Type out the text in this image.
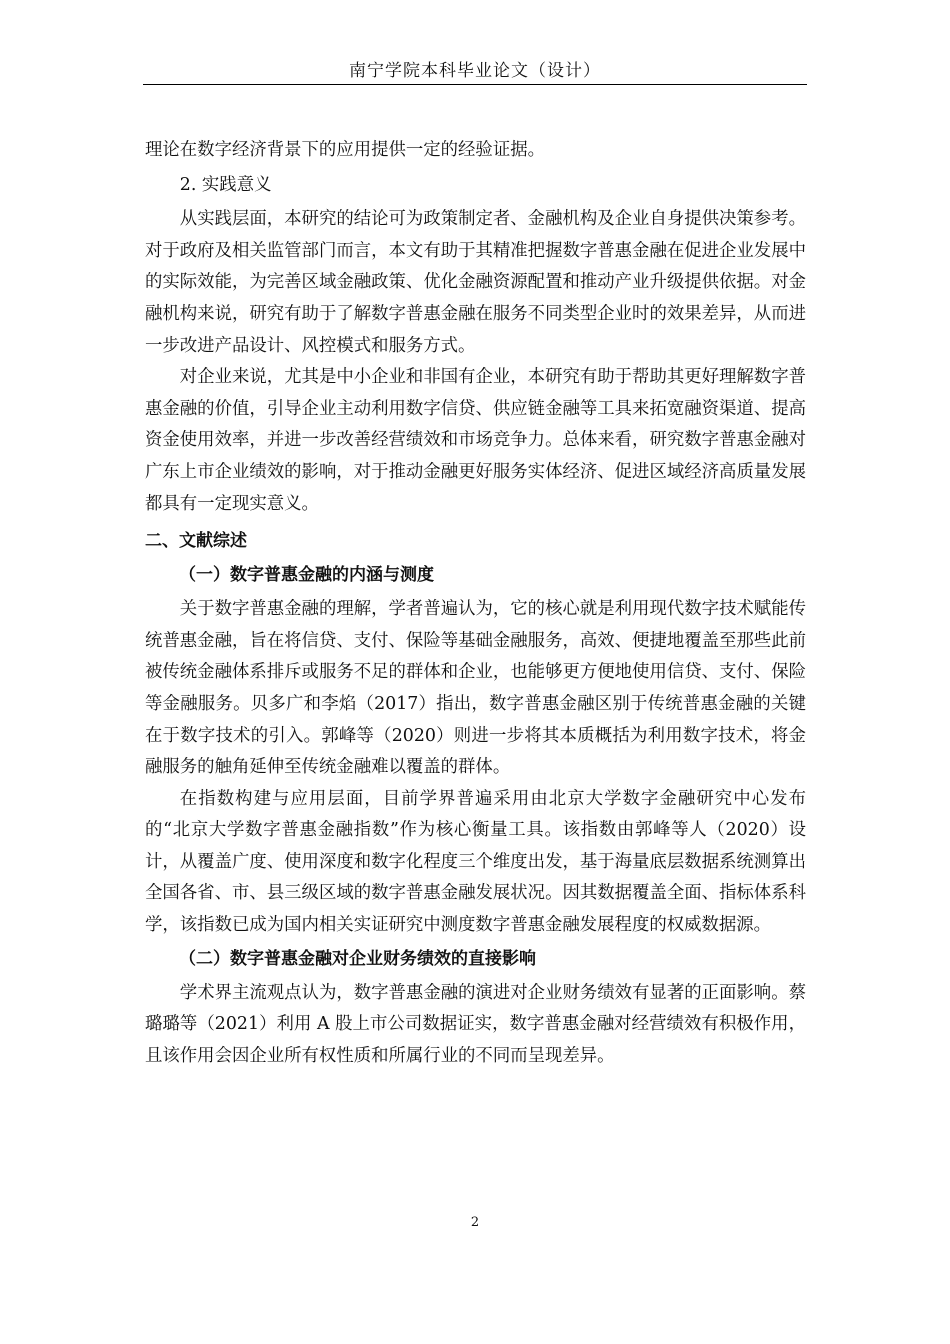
南宁学院本科毕业论文（设计）

理论在数字经济背景下的应用提供一定的经验证据。

2. 实践意义

从实践层面，本研究的结论可为政策制定者、金融机构及企业自身提供决策参考。对于政府及相关监管部门而言，本文有助于其精准把握数字普惠金融在促进企业发展中的实际效能，为完善区域金融政策、优化金融资源配置和推动产业升级提供依据。对金融机构来说，研究有助于了解数字普惠金融在服务不同类型企业时的效果差异，从而进一步改进产品设计、风控模式和服务方式。

对企业来说，尤其是中小企业和非国有企业，本研究有助于帮助其更好理解数字普惠金融的价值，引导企业主动利用数字信贷、供应链金融等工具来拓宽融资渠道、提高资金使用效率，并进一步改善经营绩效和市场竞争力。总体来看，研究数字普惠金融对广东上市企业绩效的影响，对于推动金融更好服务实体经济、促进区域经济高质量发展都具有一定现实意义。

二、文献综述
（一）数字普惠金融的内涵与测度

关于数字普惠金融的理解，学者普遍认为，它的核心就是利用现代数字技术赋能传统普惠金融，旨在将信贷、支付、保险等基础金融服务，高效、便捷地覆盖至那些此前被传统金融体系排斥或服务不足的群体和企业，也能够更方便地使用信贷、支付、保险等金融服务。贝多广和李焰（2017）指出，数字普惠金融区别于传统普惠金融的关键在于数字技术的引入。郭峰等（2020）则进一步将其本质概括为利用数字技术，将金融服务的触角延伸至传统金融难以覆盖的群体。

在指数构建与应用层面，目前学界普遍采用由北京大学数字金融研究中心发布的“北京大学数字普惠金融指数”作为核心衡量工具。该指数由郭峰等人（2020）设计，从覆盖广度、使用深度和数字化程度三个维度出发，基于海量底层数据系统测算出全国各省、市、县三级区域的数字普惠金融发展状况。因其数据覆盖全面、指标体系科学，该指数已成为国内相关实证研究中测度数字普惠金融发展程度的权威数据源。

（二）数字普惠金融对企业财务绩效的直接影响

学术界主流观点认为，数字普惠金融的演进对企业财务绩效有显著的正面影响。蔡璐璐等（2021）利用 A 股上市公司数据证实，数字普惠金融对经营绩效有积极作用，且该作用会因企业所有权性质和所属行业的不同而呈现差异。

2
